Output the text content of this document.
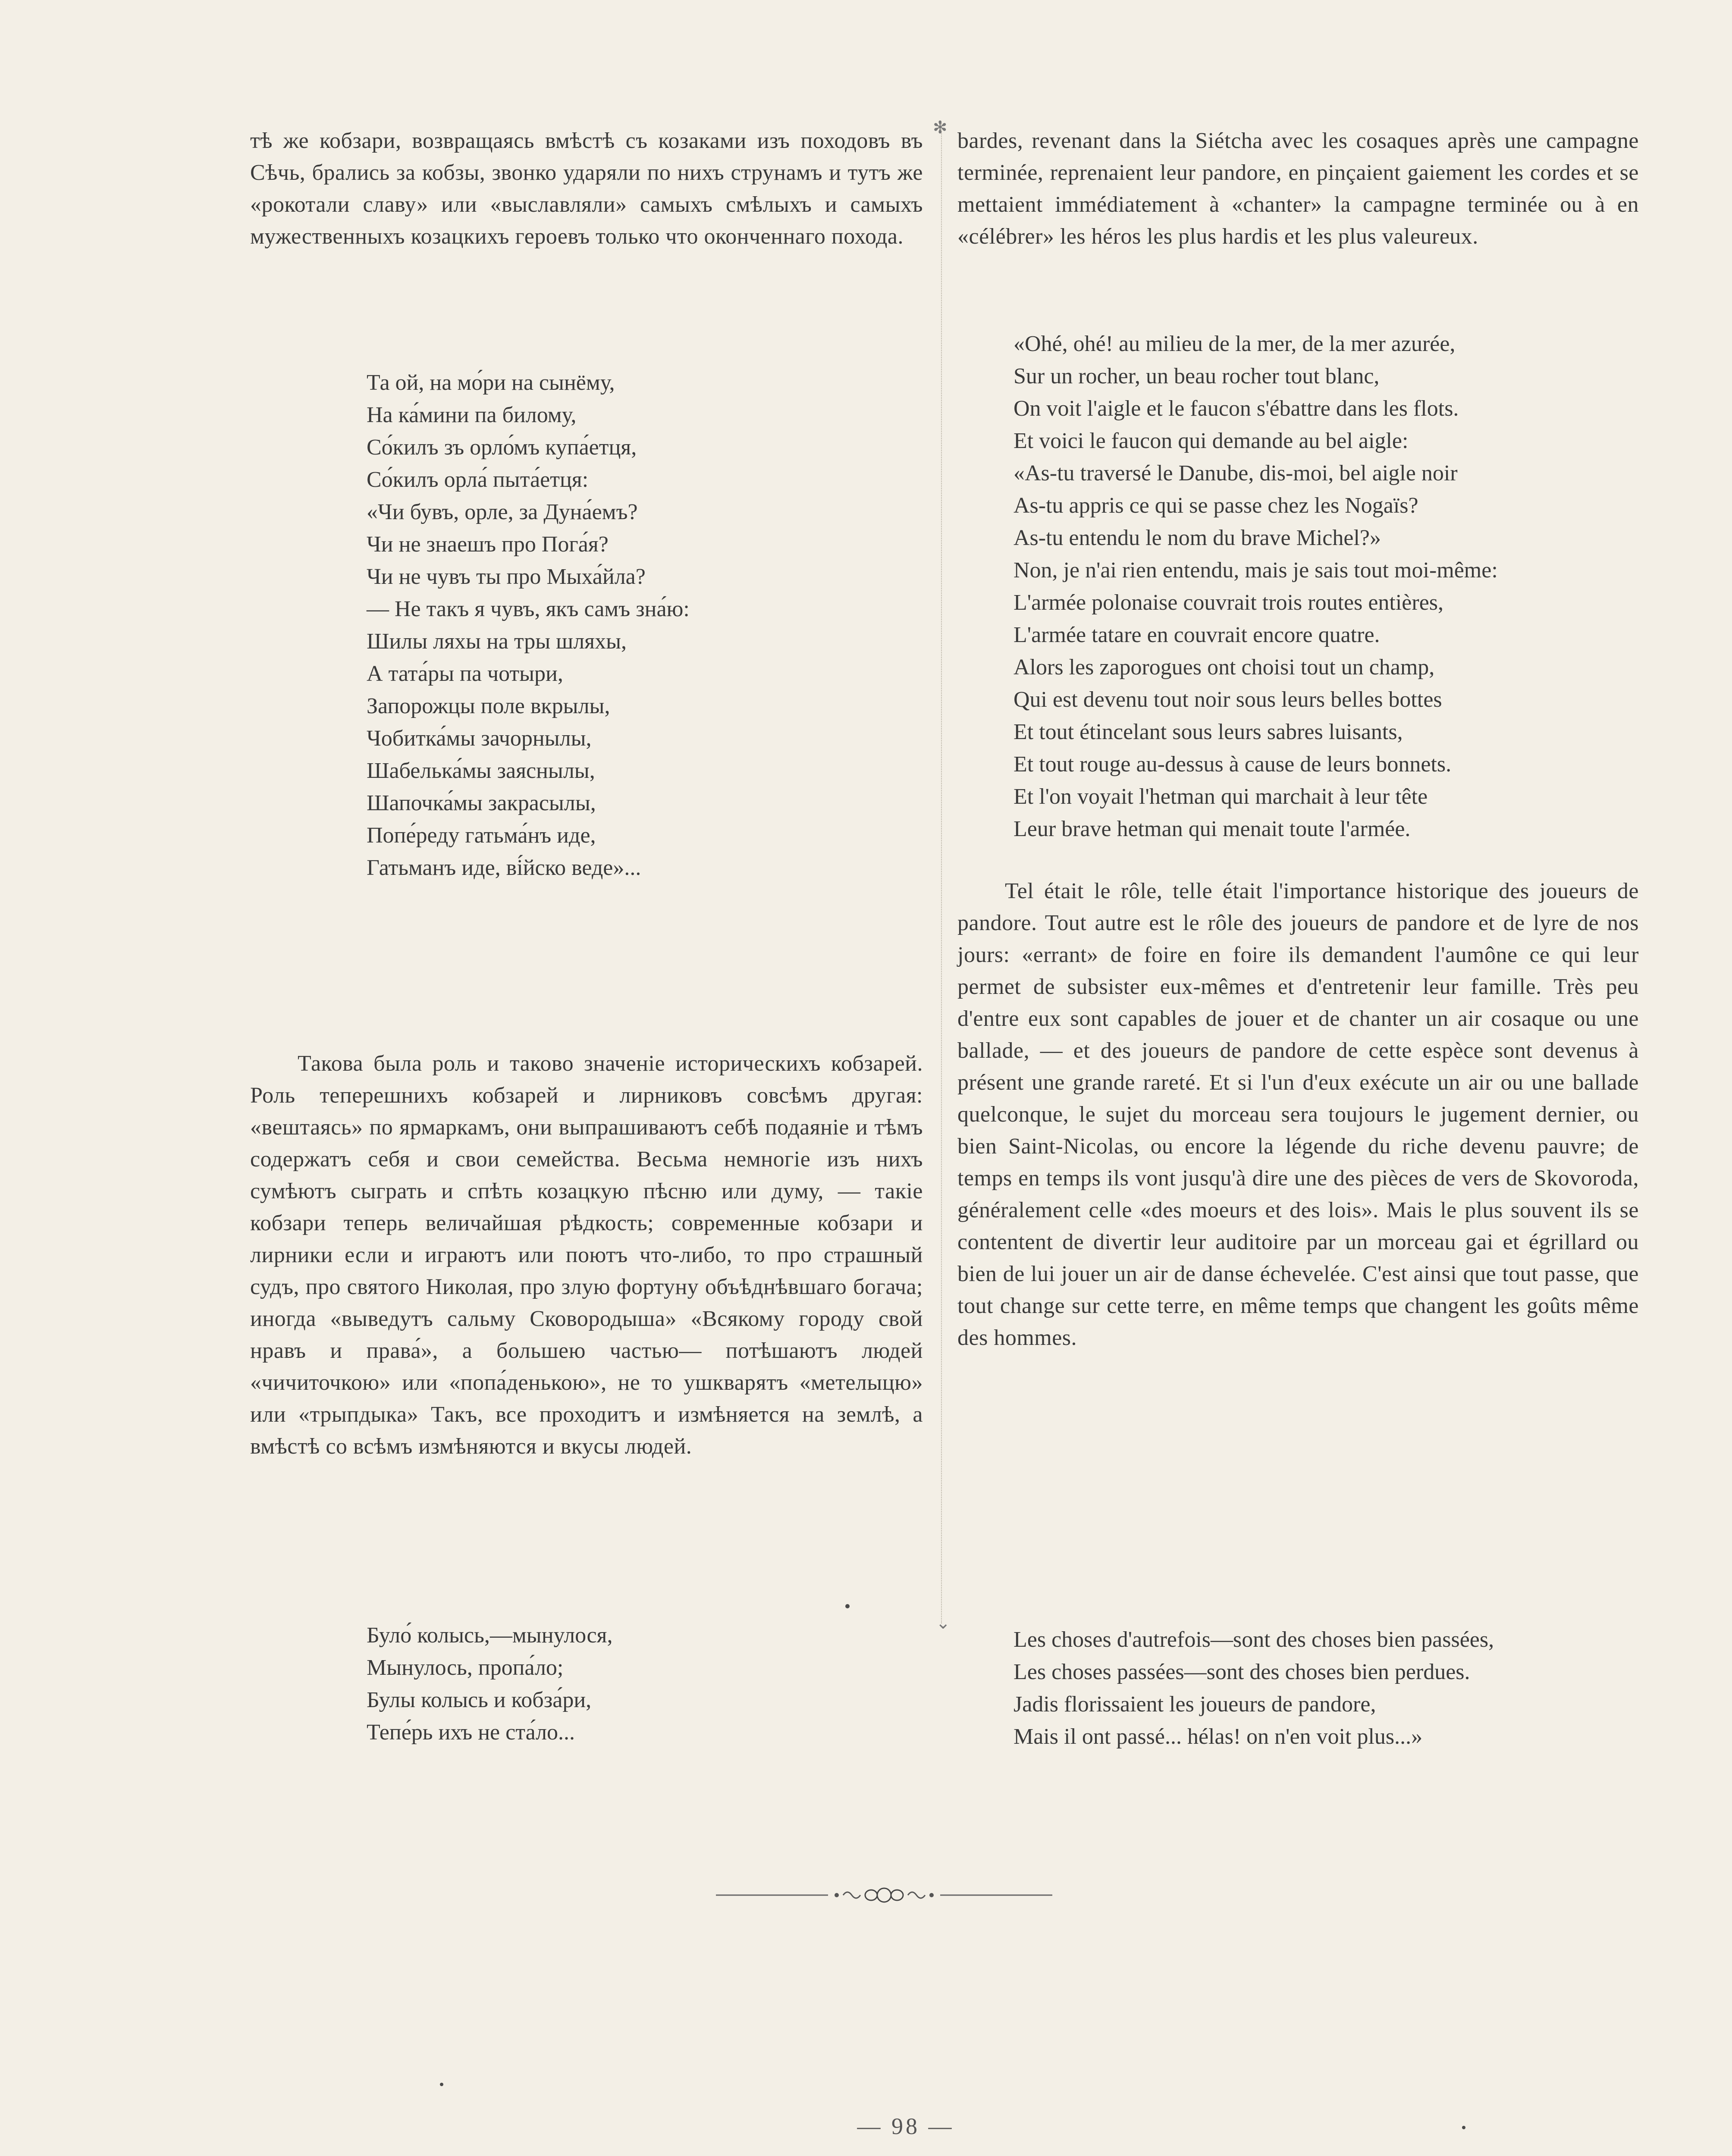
тѣ же кобзари, возвращаясь вмѣстѣ съ козаками изъ походовъ въ Сѣчь, брались за кобзы, звонко ударяли по нихъ струнамъ и тутъ же «рокотали славу» или «выславляли» самыхъ смѣлыхъ и самыхъ мужественныхъ козацкихъ героевъ только что оконченнаго похода.

Та ой, на мо́ри на сынёму,
На ка́мини па билому,
Со́килъ зъ орло́мъ купа́етця,
Со́килъ орла́ пыта́етця:
«Чи бувъ, орле, за Дуна́емъ?
Чи не знаешъ про Пога́я?
Чи не чувъ ты про Мыха́йла?
— Не такъ я чувъ, якъ самъ зна́ю:
Шилы ляхы на тры шляхы,
А тата́ры па чотыри,
Запорожцы поле вкрылы,
Чобитка́мы зачорнылы,
Шабелька́мы заяснылы,
Шапочка́мы закрасылы,
Попе́реду гатьма́нъ иде,
Гатьманъ иде, ві́йско веде»...

Такова была роль и таково значеніе историческихъ кобзарей. Роль теперешнихъ кобзарей и лирниковъ совсѣмъ другая: «вештаясь» по ярмаркамъ, они выпрашиваютъ себѣ подаяніе и тѣмъ содержатъ себя и свои семейства. Весьма немногіе изъ нихъ сумѣютъ сыграть и спѣть козацкую пѣсню или думу, — такіе кобзари теперь величайшая рѣдкость; современные кобзари и лирники если и играютъ или поютъ что-либо, то про страшный судъ, про святого Николая, про злую фортуну объѣднѣвшаго богача; иногда «выведутъ сальму Сковородыша» «Всякому городу свой нравъ и права́», а большею частью— потѣшаютъ людей «чичиточкою» или «попа́денькою», не то ушкварятъ «метелыцю» или «трыпдыка» Такъ, все проходитъ и измѣняется на землѣ, а вмѣстѣ со всѣмъ измѣняются и вкусы людей.

Було́ колысь,—мынулося,
Мынулось, пропа́ло;
Булы колысь и кобза́ри,
Тепе́рь ихъ не ста́ло...
✻
⌄

bardes, revenant dans la Siétcha avec les cosaques après une campagne terminée, reprenaient leur pandore, en pinçaient gaiement les cordes et se mettaient immédiatement à «chanter» la campagne terminée ou à en «célébrer» les héros les plus hardis et les plus valeureux.

«Ohé, ohé! au milieu de la mer, de la mer azurée,
Sur un rocher, un beau rocher tout blanc,
On voit l'aigle et le faucon s'ébattre dans les flots.
Et voici le faucon qui demande au bel aigle:
«As-tu traversé le Danube, dis-moi, bel aigle noir
As-tu appris ce qui se passe chez les Nogaïs?
As-tu entendu le nom du brave Michel?»
Non, je n'ai rien entendu, mais je sais tout moi-même:
L'armée polonaise couvrait trois routes entières,
L'armée tatare en couvrait encore quatre.
Alors les zaporogues ont choisi tout un champ,
Qui est devenu tout noir sous leurs belles bottes
Et tout étincelant sous leurs sabres luisants,
Et tout rouge au-dessus à cause de leurs bonnets.
Et l'on voyait l'hetman qui marchait à leur tête
Leur brave hetman qui menait toute l'armée.

Tel était le rôle, telle était l'importance historique des joueurs de pandore. Tout autre est le rôle des joueurs de pandore et de lyre de nos jours: «errant» de foire en foire ils demandent l'aumône ce qui leur permet de subsister eux-mêmes et d'entretenir leur famille. Très peu d'entre eux sont capables de jouer et de chanter un air cosaque ou une ballade, — et des joueurs de pandore de cette espèce sont devenus à présent une grande rareté. Et si l'un d'eux exécute un air ou une ballade quelconque, le sujet du morceau sera toujours le jugement dernier, ou bien Saint-Nicolas, ou encore la légende du riche devenu pauvre; de temps en temps ils vont jusqu'à dire une des pièces de vers de Skovoroda, généralement celle «des moeurs et des lois». Mais le plus souvent ils se contentent de divertir leur auditoire par un morceau gai et égrillard ou bien de lui jouer un air de danse échevelée. C'est ainsi que tout passe, que tout change sur cette terre, en même temps que changent les goûts même des hommes.

Les choses d'autrefois—sont des choses bien passées,
Les choses passées—sont des choses bien perdues.
Jadis florissaient les joueurs de pandore,
Mais il ont passé... hélas! on n'en voit plus...»
— 98 —
